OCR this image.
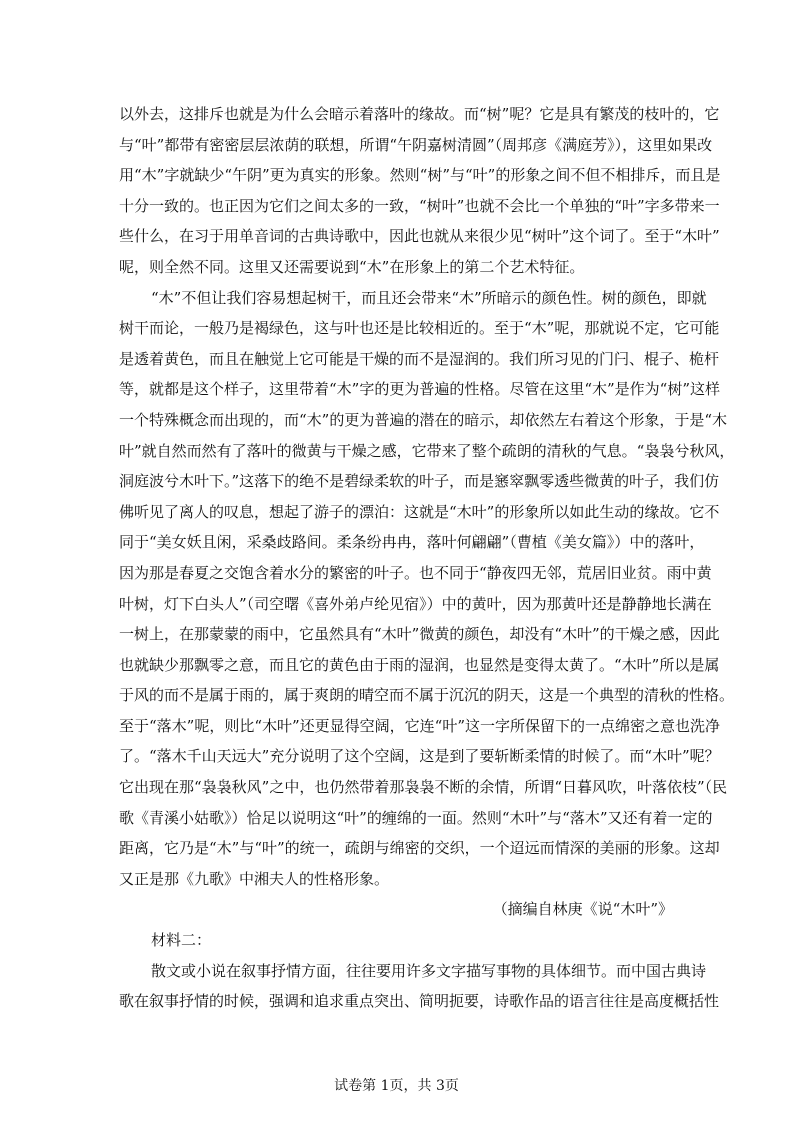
以外去，这排斥也就是为什么会暗示着落叶的缘故。而“树”呢？它是具有繁茂的枝叶的，它
与“叶”都带有密密层层浓荫的联想，所谓“午阴嘉树清圆”（周邦彦《满庭芳》），这里如果改
用“木”字就缺少“午阴”更为真实的形象。然则“树”与“叶”的形象之间不但不相排斥，而且是
十分一致的。也正因为它们之间太多的一致，“树叶”也就不会比一个单独的“叶”字多带来一
些什么，在习于用单音词的古典诗歌中，因此也就从来很少见“树叶”这个词了。至于“木叶”
呢，则全然不同。这里又还需要说到“木”在形象上的第二个艺术特征。
“木”不但让我们容易想起树干，而且还会带来“木”所暗示的颜色性。树的颜色，即就
树干而论，一般乃是褐绿色，这与叶也还是比较相近的。至于“木”呢，那就说不定，它可能
是透着黄色，而且在触觉上它可能是干燥的而不是湿润的。我们所习见的门闩、棍子、桅杆
等，就都是这个样子，这里带着“木”字的更为普遍的性格。尽管在这里“木”是作为“树”这样
一个特殊概念而出现的，而“木”的更为普遍的潜在的暗示，却依然左右着这个形象，于是“木
叶”就自然而然有了落叶的微黄与干燥之感，它带来了整个疏朗的清秋的气息。“袅袅兮秋风，
洞庭波兮木叶下。”这落下的绝不是碧绿柔软的叶子，而是窸窣飘零透些微黄的叶子，我们仿
佛听见了离人的叹息，想起了游子的漂泊：这就是“木叶”的形象所以如此生动的缘故。它不
同于“美女妖且闲，采桑歧路间。柔条纷冉冉，落叶何翩翩”（曹植《美女篇》）中的落叶，
因为那是春夏之交饱含着水分的繁密的叶子。也不同于“静夜四无邻，荒居旧业贫。雨中黄
叶树，灯下白头人”（司空曙《喜外弟卢纶见宿》）中的黄叶，因为那黄叶还是静静地长满在
一树上，在那蒙蒙的雨中，它虽然具有“木叶”微黄的颜色，却没有“木叶”的干燥之感，因此
也就缺少那飘零之意，而且它的黄色由于雨的湿润，也显然是变得太黄了。“木叶”所以是属
于风的而不是属于雨的，属于爽朗的晴空而不属于沉沉的阴天，这是一个典型的清秋的性格。
至于“落木”呢，则比“木叶”还更显得空阔，它连“叶”这一字所保留下的一点绵密之意也洗净
了。“落木千山天远大”充分说明了这个空阔，这是到了要斩断柔情的时候了。而“木叶”呢？
它出现在那“袅袅秋风”之中，也仍然带着那袅袅不断的余情，所谓“日暮风吹，叶落依枝”（民
歌《青溪小姑歌》）恰足以说明这“叶”的缠绵的一面。然则“木叶”与“落木”又还有着一定的
距离，它乃是“木”与“叶”的统一，疏朗与绵密的交织，一个迢远而情深的美丽的形象。这却
又正是那《九歌》中湘夫人的性格形象。
（摘编自林庚《说“木叶”》
材料二：
散文或小说在叙事抒情方面，往往要用许多文字描写事物的具体细节。而中国古典诗
歌在叙事抒情的时候，强调和追求重点突出、简明扼要，诗歌作品的语言往往是高度概括性
试卷第 1页，共 3页
